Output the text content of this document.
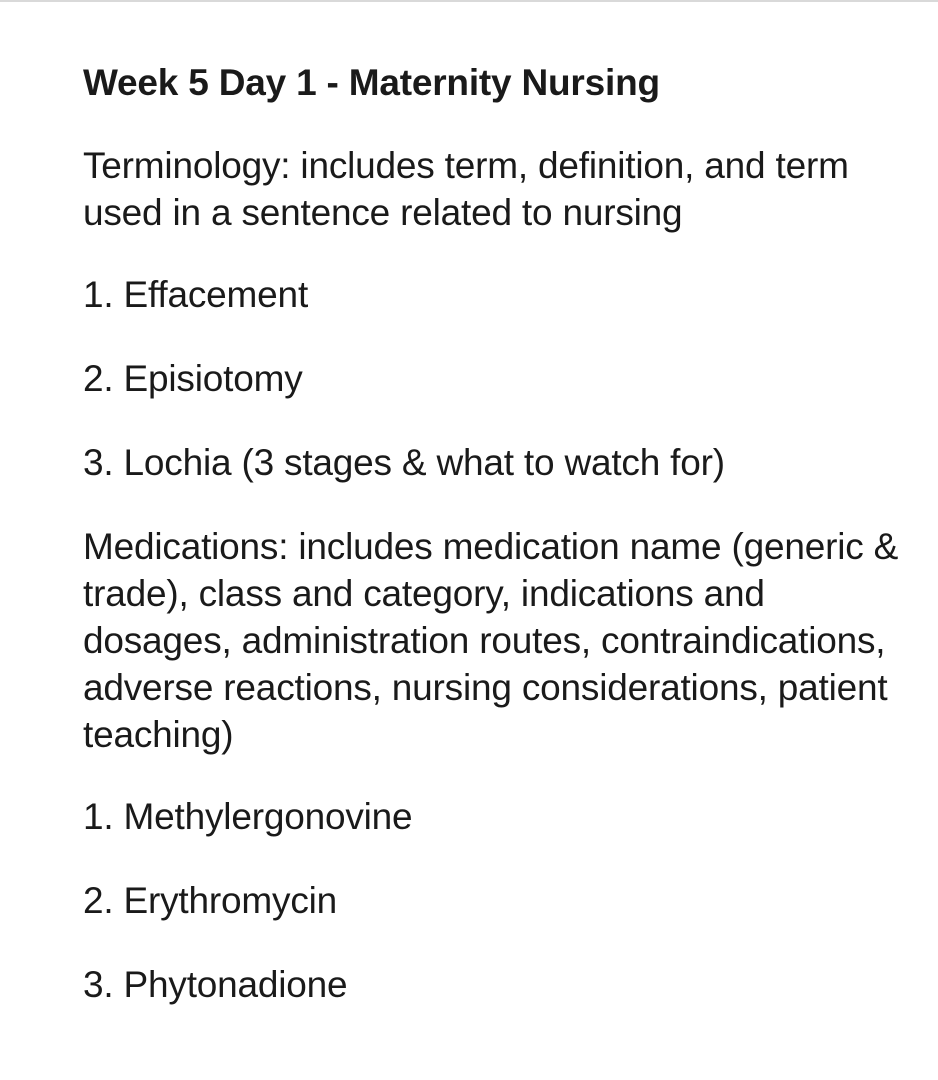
Week 5 Day 1 - Maternity Nursing
Terminology: includes term, definition, and term used in a sentence related to nursing
1. Effacement
2. Episiotomy
3. Lochia (3 stages & what to watch for)
Medications: includes medication name (generic & trade), class and category, indications and dosages, administration routes, contraindications, adverse reactions, nursing considerations, patient teaching)
1. Methylergonovine
2. Erythromycin
3. Phytonadione
